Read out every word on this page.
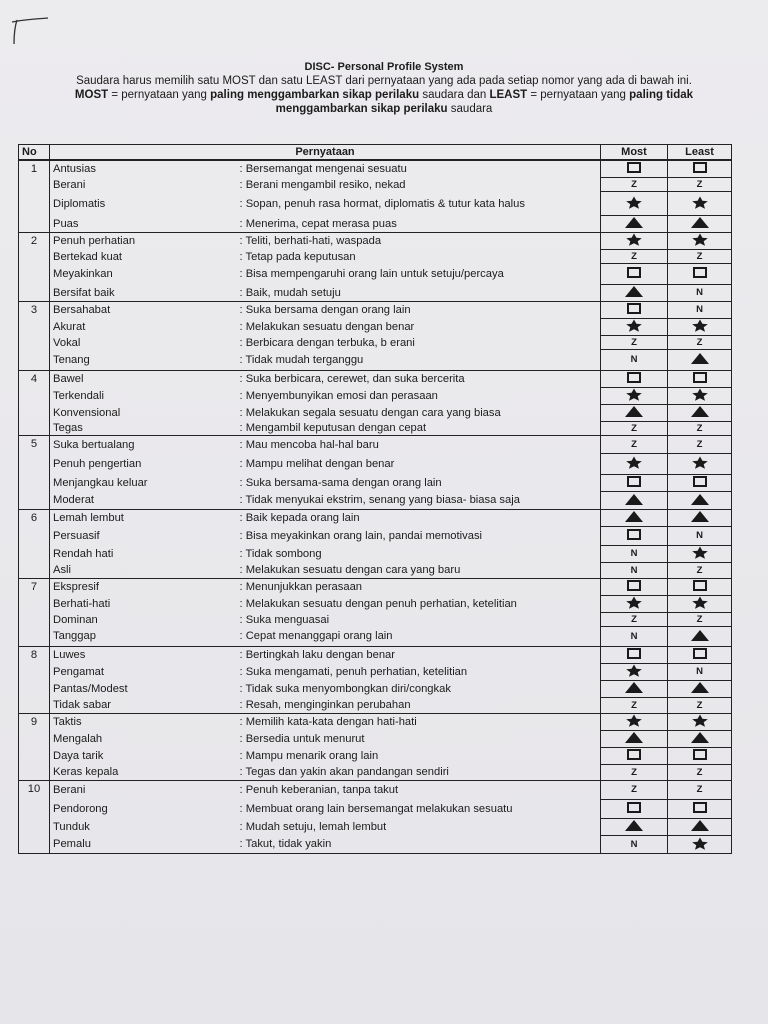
DISC- Personal Profile System
Saudara harus memilih satu MOST dan satu LEAST dari pernyataan yang ada pada setiap nomor yang ada di bawah ini.
MOST = pernyataan yang paling menggambarkan sikap perilaku saudara dan LEAST = pernyataan yang paling tidak
menggambarkan sikap perilaku saudara
No	Pernyataan		Most	Least
1	Antusias	: Bersemangat mengenai sesuatu		
	Berani	: Berani mengambil resiko, nekad	Z	Z
	Diplomatis	: Sopan, penuh rasa hormat, diplomatis & tutur kata halus		
	Puas	: Menerima, cepat merasa puas		
2	Penuh perhatian	: Teliti, berhati-hati, waspada		
	Bertekad kuat	: Tetap pada keputusan	Z	Z
	Meyakinkan	: Bisa mempengaruhi orang lain untuk setuju/percaya		
	Bersifat baik	: Baik, mudah setuju		N
3	Bersahabat	: Suka bersama dengan orang lain		N
	Akurat	: Melakukan sesuatu dengan benar		
	Vokal	: Berbicara dengan terbuka, b erani	Z	Z
	Tenang	: Tidak mudah terganggu	N	
4	Bawel	: Suka berbicara, cerewet, dan suka bercerita		
	Terkendali	: Menyembunyikan emosi dan perasaan		
	Konvensional	: Melakukan segala sesuatu dengan cara yang biasa		
	Tegas	: Mengambil keputusan dengan cepat	Z	Z
5	Suka bertualang	: Mau mencoba hal-hal baru	Z	Z
	Penuh pengertian	: Mampu melihat dengan benar		
	Menjangkau keluar	: Suka bersama-sama dengan orang lain		
	Moderat	: Tidak menyukai ekstrim, senang yang biasa- biasa saja		
6	Lemah lembut	: Baik kepada orang lain		
	Persuasif	: Bisa meyakinkan orang lain, pandai memotivasi		N
	Rendah hati	: Tidak sombong	N	
	Asli	: Melakukan sesuatu dengan cara yang baru	N	Z
7	Ekspresif	: Menunjukkan perasaan		
	Berhati-hati	: Melakukan sesuatu dengan penuh perhatian, ketelitian		
	Dominan	: Suka menguasai	Z	Z
	Tanggap	: Cepat menanggapi orang lain	N	
8	Luwes	: Bertingkah laku dengan benar		
	Pengamat	: Suka mengamati, penuh perhatian, ketelitian		N
	Pantas/Modest	: Tidak suka menyombongkan diri/congkak		
	Tidak sabar	: Resah, menginginkan perubahan	Z	Z
9	Taktis	: Memilih kata-kata dengan hati-hati		
	Mengalah	: Bersedia untuk menurut		
	Daya tarik	: Mampu menarik orang lain		
	Keras kepala	: Tegas dan yakin akan pandangan sendiri	Z	Z
10	Berani	: Penuh keberanian, tanpa takut	Z	Z
	Pendorong	: Membuat orang lain bersemangat melakukan sesuatu		
	Tunduk	: Mudah setuju, lemah lembut		
	Pemalu	: Takut, tidak yakin	N	
